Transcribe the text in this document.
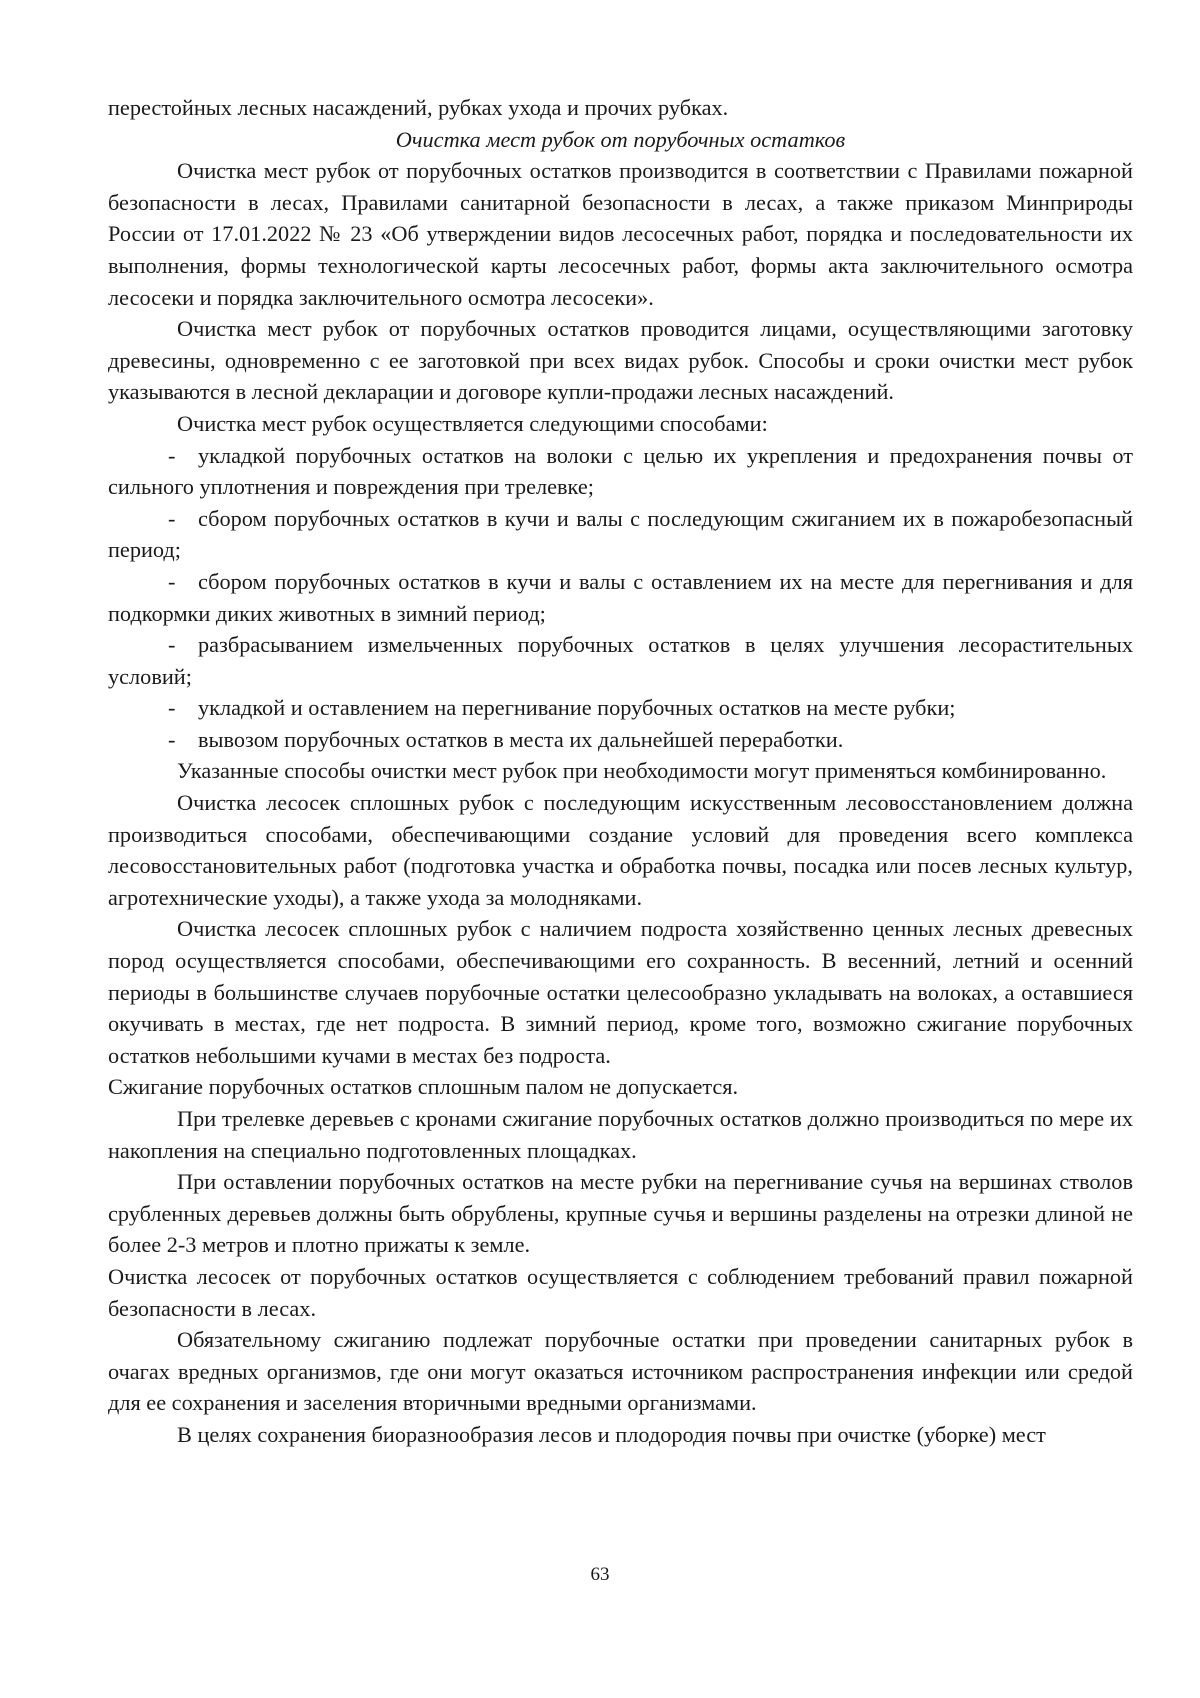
перестойных лесных насаждений, рубках ухода и прочих рубках.

Очистка мест рубок от порубочных остатков

Очистка мест рубок от порубочных остатков производится в соответствии с Правилами пожарной безопасности в лесах, Правилами санитарной безопасности в лесах, а также приказом Минприроды России от 17.01.2022 № 23 «Об утверждении видов лесосечных работ, порядка и последовательности их выполнения, формы технологической карты лесосечных работ, формы акта заключительного осмотра лесосеки и порядка заключительного осмотра лесосеки».

Очистка мест рубок от порубочных остатков проводится лицами, осуществляющими заготовку древесины, одновременно с ее заготовкой при всех видах рубок. Способы и сроки очистки мест рубок указываются в лесной декларации и договоре купли-продажи лесных насаждений.

Очистка мест рубок осуществляется следующими способами:

- укладкой порубочных остатков на волоки с целью их укрепления и предохранения почвы от сильного уплотнения и повреждения при трелевке;

- сбором порубочных остатков в кучи и валы с последующим сжиганием их в пожаробезопасный период;

- сбором порубочных остатков в кучи и валы с оставлением их на месте для перегнивания и для подкормки диких животных в зимний период;

- разбрасыванием измельченных порубочных остатков в целях улучшения лесорастительных условий;

- укладкой и оставлением на перегнивание порубочных остатков на месте рубки;

- вывозом порубочных остатков в места их дальнейшей переработки.

Указанные способы очистки мест рубок при необходимости могут применяться комбинированно.

Очистка лесосек сплошных рубок с последующим искусственным лесовосстановлением должна производиться способами, обеспечивающими создание условий для проведения всего комплекса лесовосстановительных работ (подготовка участка и обработка почвы, посадка или посев лесных культур, агротехнические уходы), а также ухода за молодняками.

Очистка лесосек сплошных рубок с наличием подроста хозяйственно ценных лесных древесных пород осуществляется способами, обеспечивающими его сохранность. В весенний, летний и осенний периоды в большинстве случаев порубочные остатки целесообразно укладывать на волоках, а оставшиеся окучивать в местах, где нет подроста. В зимний период, кроме того, возможно сжигание порубочных остатков небольшими кучами в местах без подроста.

Сжигание порубочных остатков сплошным палом не допускается.

При трелевке деревьев с кронами сжигание порубочных остатков должно производиться по мере их накопления на специально подготовленных площадках.

При оставлении порубочных остатков на месте рубки на перегнивание сучья на вершинах стволов срубленных деревьев должны быть обрублены, крупные сучья и вершины разделены на отрезки длиной не более 2-3 метров и плотно прижаты к земле.

Очистка лесосек от порубочных остатков осуществляется с соблюдением требований правил пожарной безопасности в лесах.

Обязательному сжиганию подлежат порубочные остатки при проведении санитарных рубок в очагах вредных организмов, где они могут оказаться источником распространения инфекции или средой для ее сохранения и заселения вторичными вредными организмами.

В целях сохранения биоразнообразия лесов и плодородия почвы при очистке (уборке) мест

63
